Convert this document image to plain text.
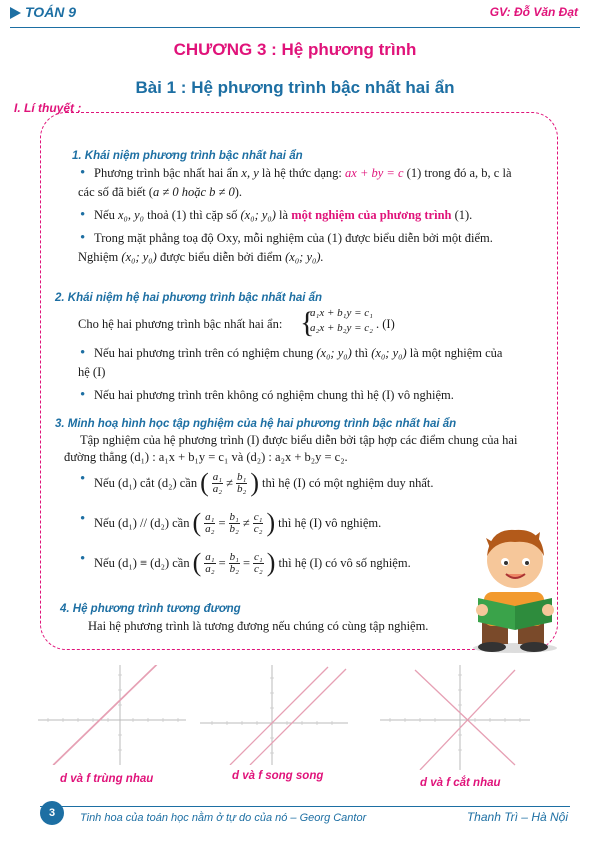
TOÁN 9	GV: Đỗ Văn Đạt
CHƯƠNG 3 : Hệ phương trình
Bài 1 : Hệ phương trình bậc nhất hai ẩn
I. Lí thuyết :
1. Khái niệm phương trình bậc nhất hai ẩn
• Phương trình bậc nhất hai ẩn x, y là hệ thức dạng: ax + by = c (1) trong đó a, b, c là
các số đã biết (a ≠ 0 hoặc b ≠ 0).
• Nếu x₀, y₀ thoả (1) thì cặp số (x₀; y₀) là một nghiệm của phương trình (1).
• Trong mặt phẳng toạ độ Oxy, mỗi nghiệm của (1) được biểu diễn bởi một điểm.
Nghiệm (x₀; y₀) được biểu diễn bởi điểm (x₀; y₀).
2. Khái niệm hệ hai phương trình bậc nhất hai ẩn
Cho hệ hai phương trình bậc nhất hai ẩn: {
a₁x + b₁y = c₁
a₂x + b₂y = c₂ . (I)
• Nếu hai phương trình trên có nghiệm chung (x₀; y₀) thì (x₀; y₀) là một nghiệm của
hệ (I)
• Nếu hai phương trình trên không có nghiệm chung thì hệ (I) vô nghiệm.
3. Minh hoạ hình học tập nghiệm của hệ hai phương trình bậc nhất hai ẩn
Tập nghiệm của hệ phương trình (I) được biểu diễn bởi tập hợp các điểm chung của hai
đường thẳng (d₁) : a₁x + b₁y = c₁ và (d₂) : a₂x + b₂y = c₂.
• Nếu (d₁) cắt (d₂) cần ( $\frac{\text{a₁}}{\text{a₂}} \ne \frac{\text{b₁}}{\text{b₂}}$ ) thì hệ (I) có một nghiệm duy nhất.
• Nếu (d₁) // (d₂) cần ( $\frac{\text{a₁}}{\text{a₂}} = \frac{\text{b₁}}{\text{b₂}} \ne \frac{\text{c₁}}{\text{c₂}}$ ) thì hệ (I) vô nghiệm.
• Nếu (d₁) ≡ (d₂) cần ( $\frac{\text{a₁}}{\text{a₂}} = \frac{\text{b₁}}{\text{b₂}} = \frac{\text{c₁}}{\text{c₂}}$ ) thì hệ (I) có vô số nghiệm.
4. Hệ phương trình tương đương
Hai hệ phương trình là tương đương nếu chúng có cùng tập nghiệm.
d và f trùng nhau	d và f song song
d và f cắt nhau
3	Tinh hoa của toán học nằm ở tự do của nó – Georg Cantor	Thanh Trì – Hà Nội
